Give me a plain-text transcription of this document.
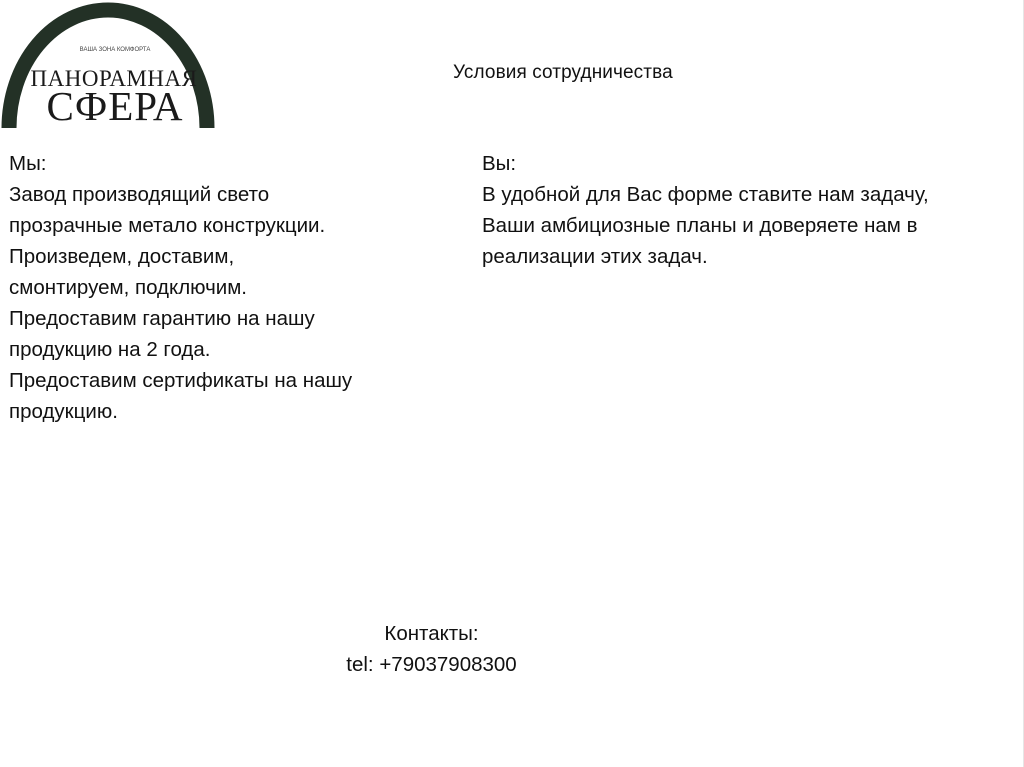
ВАША ЗОНА КОМФОРТА
ПАНОРАМНАЯ
СФЕРА
Условия сотрудничества
Мы:
Завод производящий свето
прозрачные метало конструкции.
Произведем, доставим,
смонтируем, подключим.
Предоставим гарантию на нашу
продукцию на 2 года.
Предоставим сертификаты на нашу
продукцию.
Вы:
В удобной для Вас форме ставите нам задачу,
Ваши амбициозные планы и доверяете нам в
реализации этих задач.
Контакты:
tel: +79037908300
